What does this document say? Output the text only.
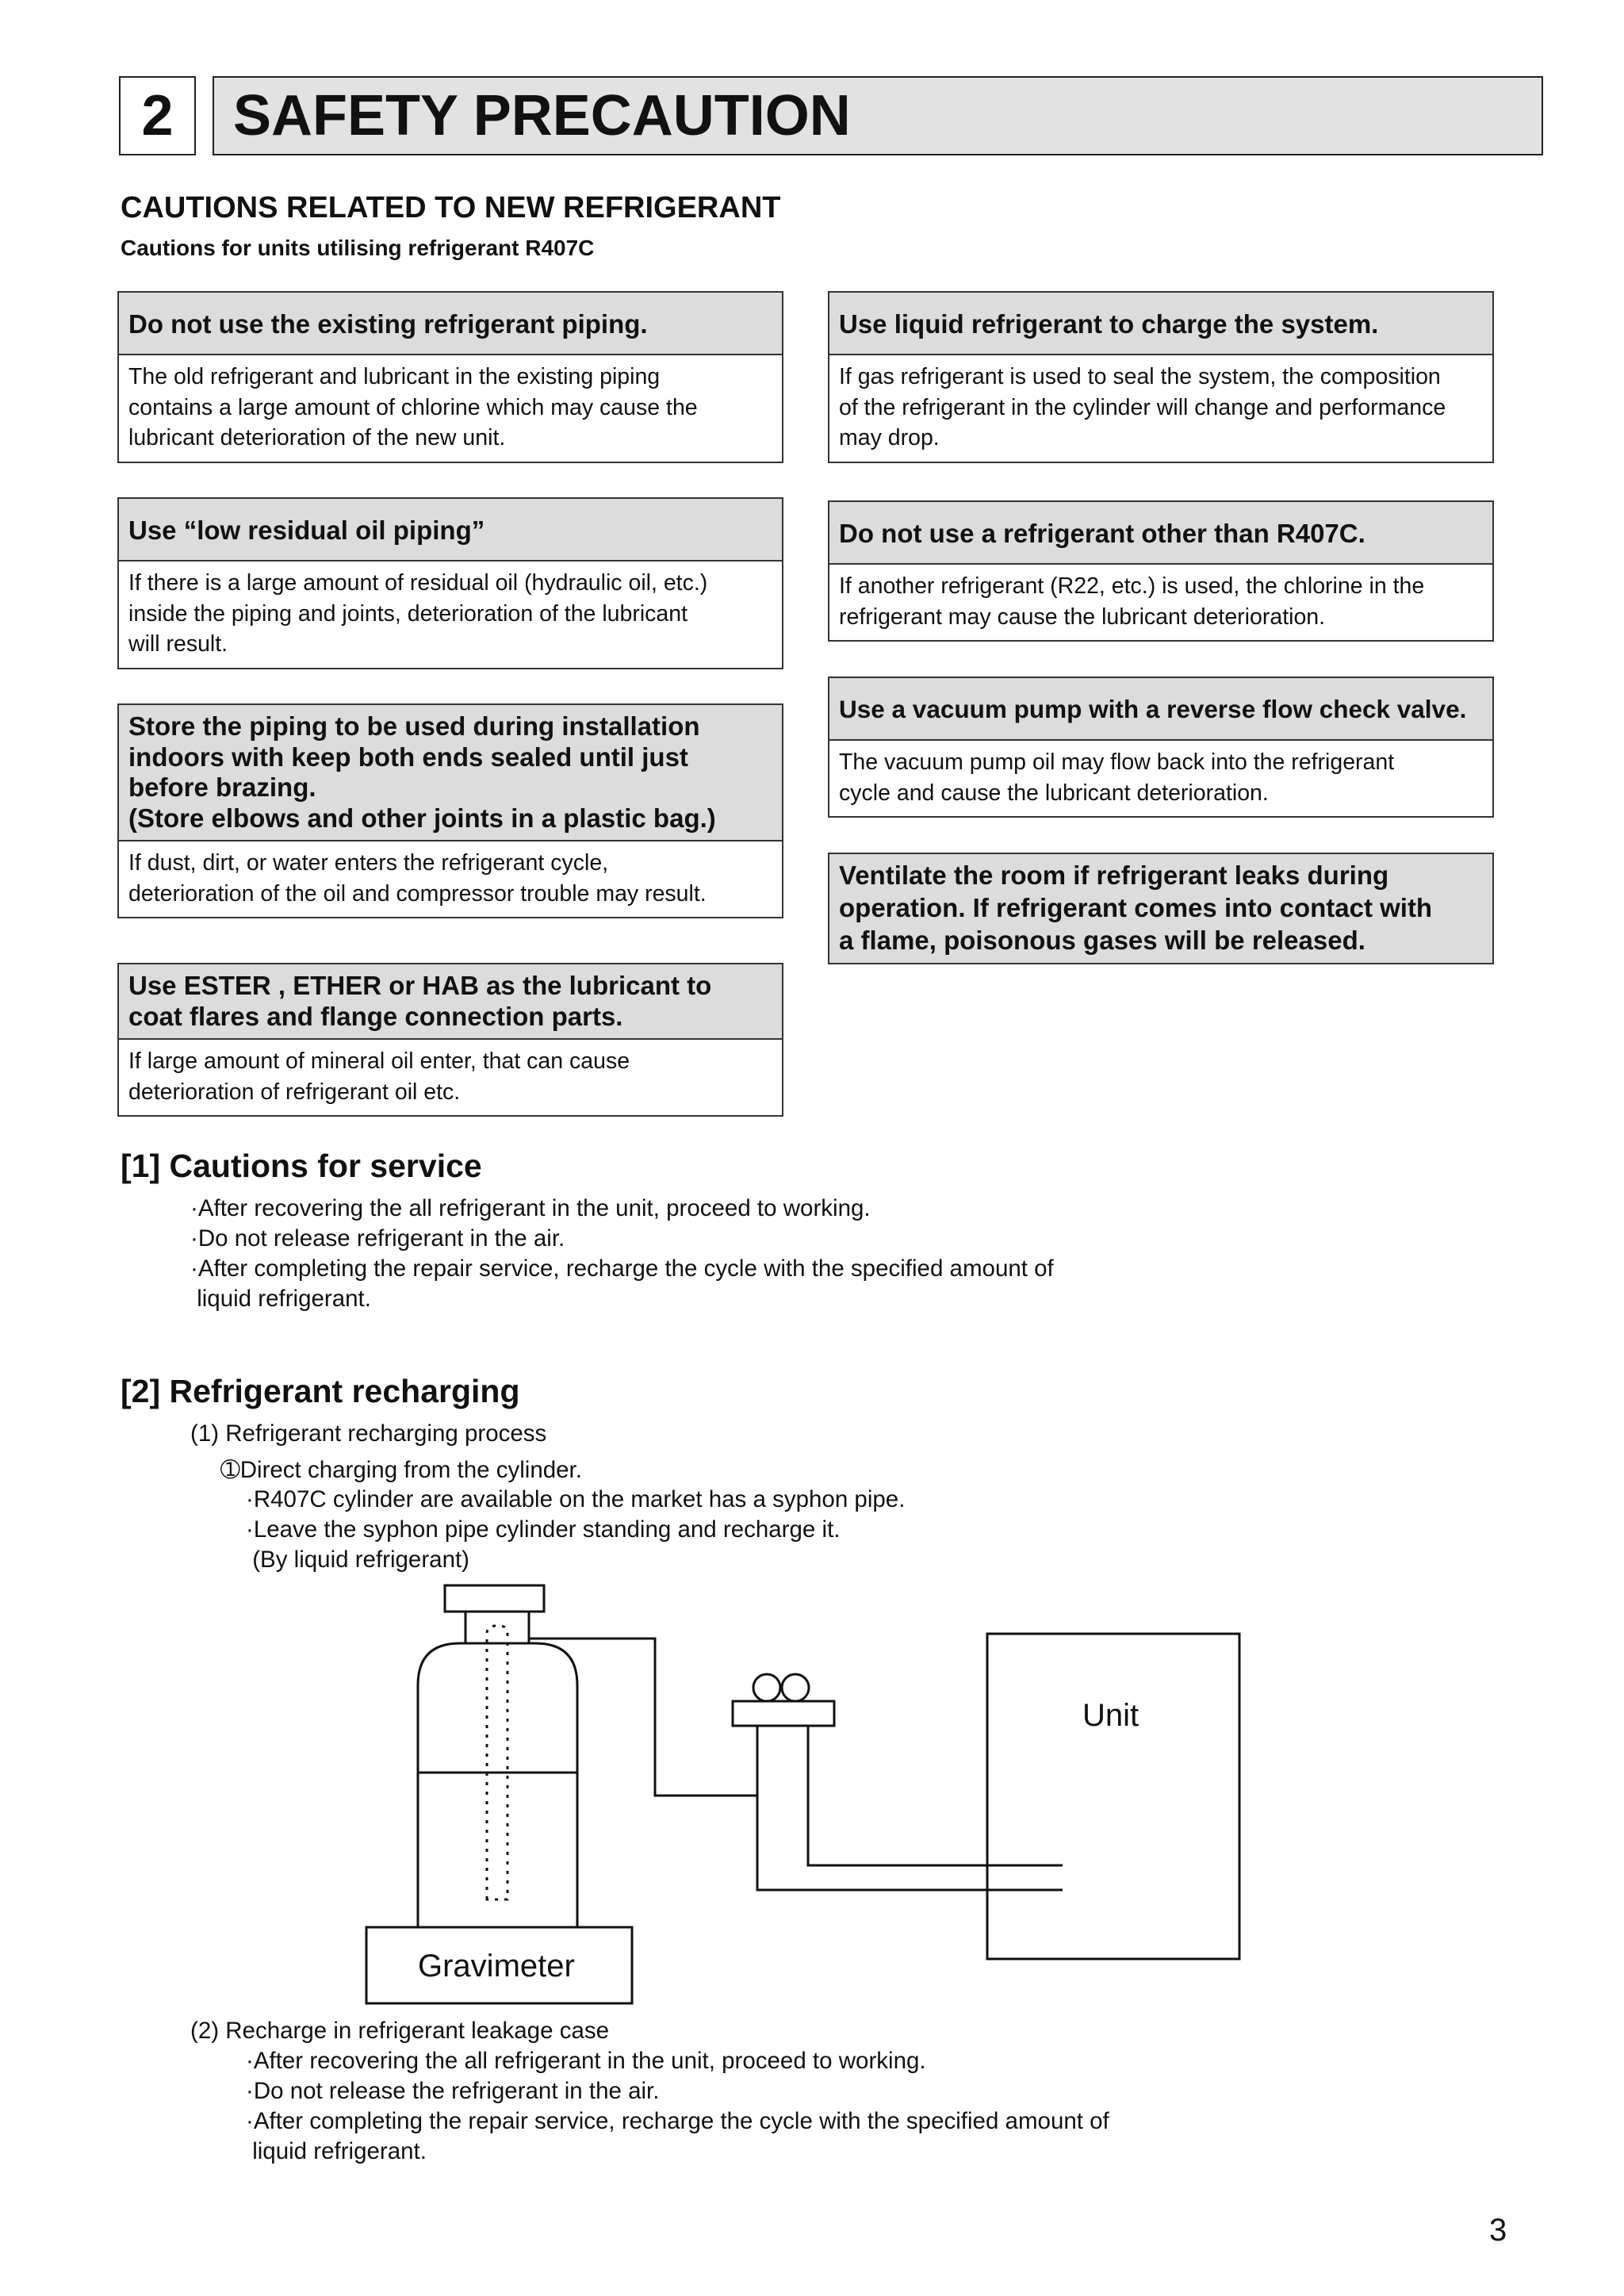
2	SAFETY PRECAUTION
CAUTIONS RELATED TO NEW REFRIGERANT
Cautions for units utilising refrigerant R407C
Do not use the existing refrigerant piping.
The old refrigerant and lubricant in the existing piping
contains a large amount of chlorine which may cause the
lubricant deterioration of the new unit.
Use “low residual oil piping”
If there is a large amount of residual oil (hydraulic oil, etc.)
inside the piping and joints, deterioration of the lubricant
will result.
Store the piping to be used during installation
indoors with keep both ends sealed until just
before brazing.
(Store elbows and other joints in a plastic bag.)
If dust, dirt, or water enters the refrigerant cycle,
deterioration of the oil and compressor trouble may result.
Use ESTER , ETHER or HAB as the lubricant to
coat flares and flange connection parts.
If large amount of mineral oil enter, that can cause
deterioration of refrigerant oil etc.
Use liquid refrigerant to charge the system.
If gas refrigerant is used to seal the system, the composition
of the refrigerant in the cylinder will change and performance
may drop.
Do not use a refrigerant other than R407C.
If another refrigerant (R22, etc.) is used, the chlorine in the
refrigerant may cause the lubricant deterioration.
Use a vacuum pump with a reverse flow check valve.
The vacuum pump oil may flow back into the refrigerant
cycle and cause the lubricant deterioration.
Ventilate the room if refrigerant leaks during
operation. If refrigerant comes into contact with
a flame, poisonous gases will be released.
[1] Cautions for service
·After recovering the all refrigerant in the unit, proceed to working.
·Do not release refrigerant in the air.
·After completing the repair service, recharge the cycle with the specified amount of
liquid refrigerant.
[2] Refrigerant recharging
(1) Refrigerant recharging process
➀Direct charging from the cylinder.
·R407C cylinder are available on the market has a syphon pipe.
·Leave the syphon pipe cylinder standing and recharge it.
(By liquid refrigerant)
Unit
Gravimeter
(2) Recharge in refrigerant leakage case
·After recovering the all refrigerant in the unit, proceed to working.
·Do not release the refrigerant in the air.
·After completing the repair service, recharge the cycle with the specified amount of
liquid refrigerant.
3
